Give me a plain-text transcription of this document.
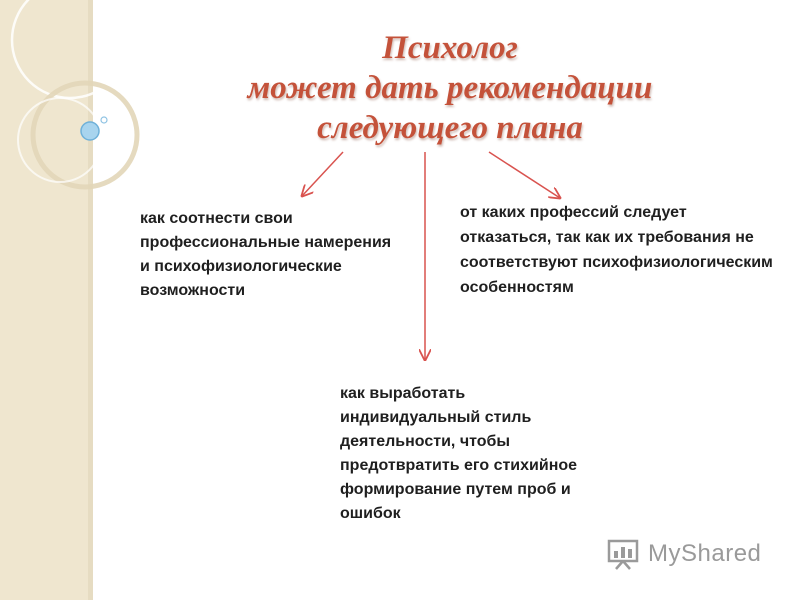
Психолог
может дать рекомендации
следующего плана
как соотнести свои профессиональные намерения и психофизиологические возможности
от каких профессий следует отказаться, так как их требования не соответствуют психофизиологическим особенностям
как выработать индивидуальный стиль деятельности, чтобы предотвратить его стихийное формирование путем проб и ошибок
MyShared
